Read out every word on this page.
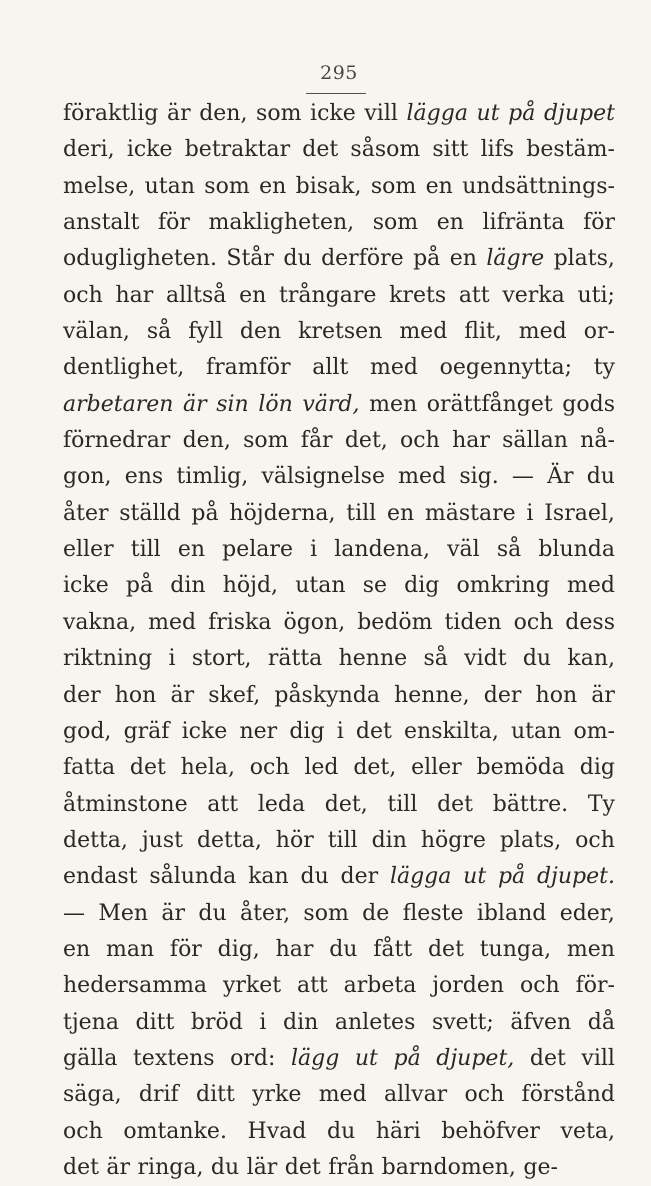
295
föraktlig är den, som icke vill lägga ut på djupet
deri, icke betraktar det såsom sitt lifs bestäm-
melse, utan som en bisak, som en undsättnings-
anstalt för makligheten, som en lifränta för
odugligheten. Står du derföre på en lägre plats,
och har alltså en trångare krets att verka uti;
välan, så fyll den kretsen med flit, med or-
dentlighet, framför allt med oegennytta; ty
arbetaren är sin lön värd, men orättfånget gods
förnedrar den, som får det, och har sällan nå-
gon, ens timlig, välsignelse med sig. — Är du
åter ställd på höjderna, till en mästare i Israel,
eller till en pelare i landena, väl så blunda
icke på din höjd, utan se dig omkring med
vakna, med friska ögon, bedöm tiden och dess
riktning i stort, rätta henne så vidt du kan,
der hon är skef, påskynda henne, der hon är
god, gräf icke ner dig i det enskilta, utan om-
fatta det hela, och led det, eller bemöda dig
åtminstone att leda det, till det bättre. Ty
detta, just detta, hör till din högre plats, och
endast sålunda kan du der lägga ut på djupet.
— Men är du åter, som de fleste ibland eder,
en man för dig, har du fått det tunga, men
hedersamma yrket att arbeta jorden och för-
tjena ditt bröd i din anletes svett; äfven då
gälla textens ord: lägg ut på djupet, det vill
säga, drif ditt yrke med allvar och förstånd
och omtanke. Hvad du häri behöfver veta,
det är ringa, du lär det från barndomen, ge-
